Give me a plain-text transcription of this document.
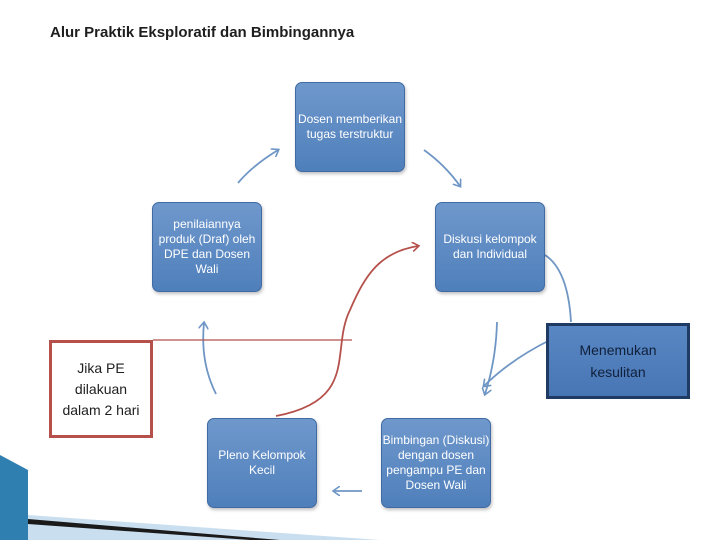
Alur Praktik Eksploratif dan Bimbingannya
Dosen memberikan
tugas terstruktur
Diskusi kelompok
dan Individual
Bimbingan (Diskusi)
dengan dosen
pengampu PE dan
Dosen Wali
Pleno Kelompok
Kecil
penilaiannya
produk (Draf) oleh
DPE dan Dosen
Wali
Jika PE
dilakuan
dalam 2 hari
Menemukan
kesulitan
